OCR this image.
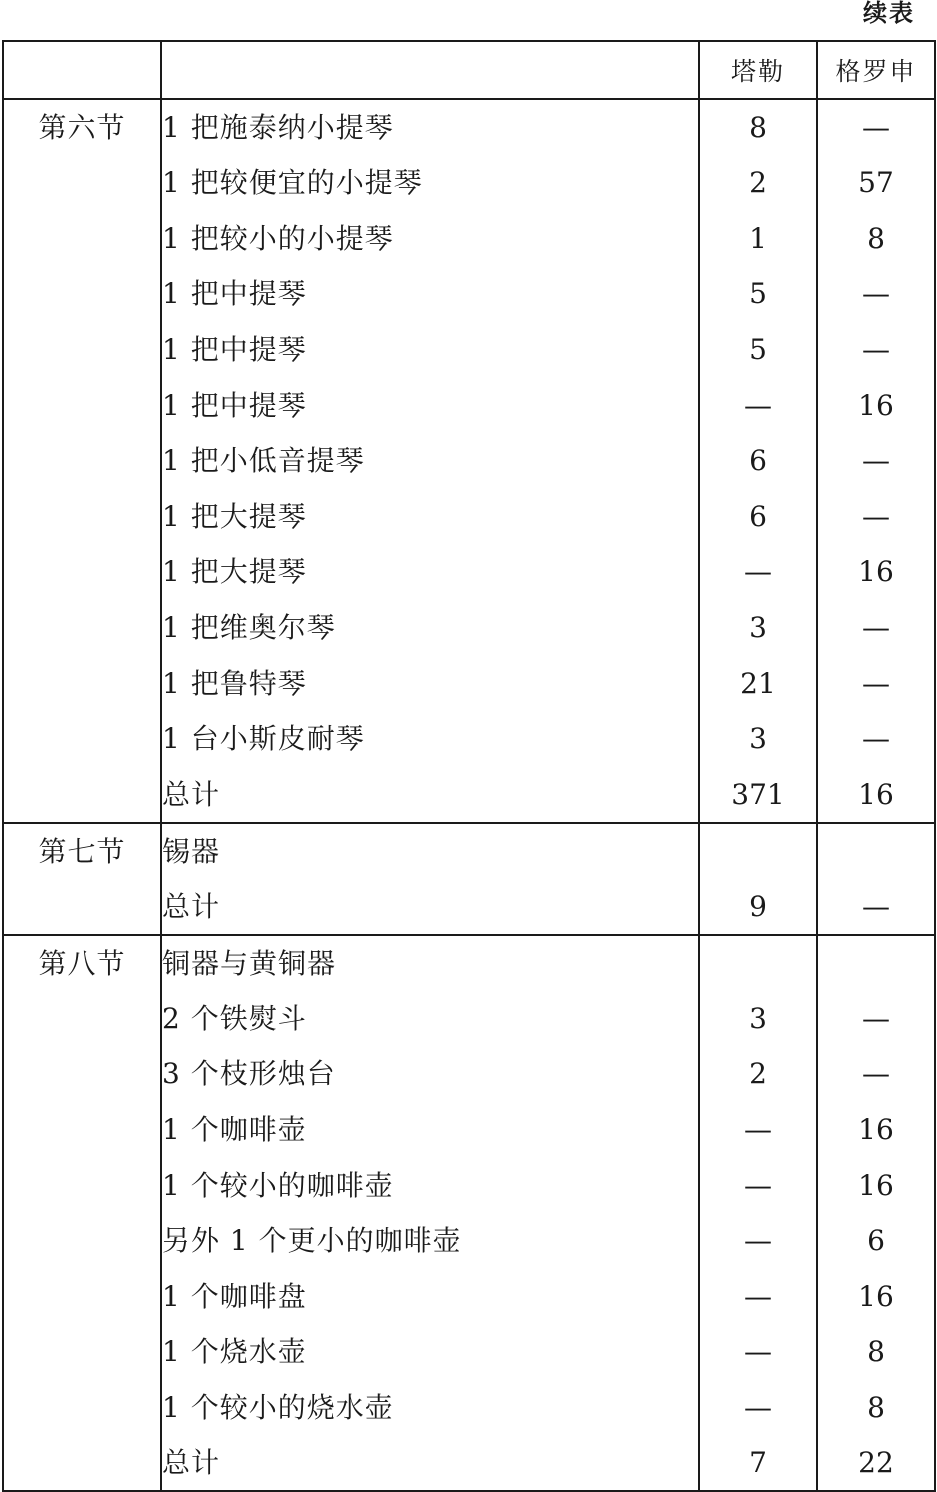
续表
		塔勒	格罗申
第六节	1 把施泰纳小提琴	8	—
	1 把较便宜的小提琴	2	57
	1 把较小的小提琴	1	8
	1 把中提琴	5	—
	1 把中提琴	5	—
	1 把中提琴	—	16
	1 把小低音提琴	6	—
	1 把大提琴	6	—
	1 把大提琴	—	16
	1 把维奥尔琴	3	—
	1 把鲁特琴	21	—
	1 台小斯皮耐琴	3	—
	总计	371	16
第七节	锡器		
	总计	9	—
第八节	铜器与黄铜器		
	2 个铁熨斗	3	—
	3 个枝形烛台	2	—
	1 个咖啡壶	—	16
	1 个较小的咖啡壶	—	16
	另外 1 个更小的咖啡壶	—	6
	1 个咖啡盘	—	16
	1 个烧水壶	—	8
	1 个较小的烧水壶	—	8
	总计	7	22
